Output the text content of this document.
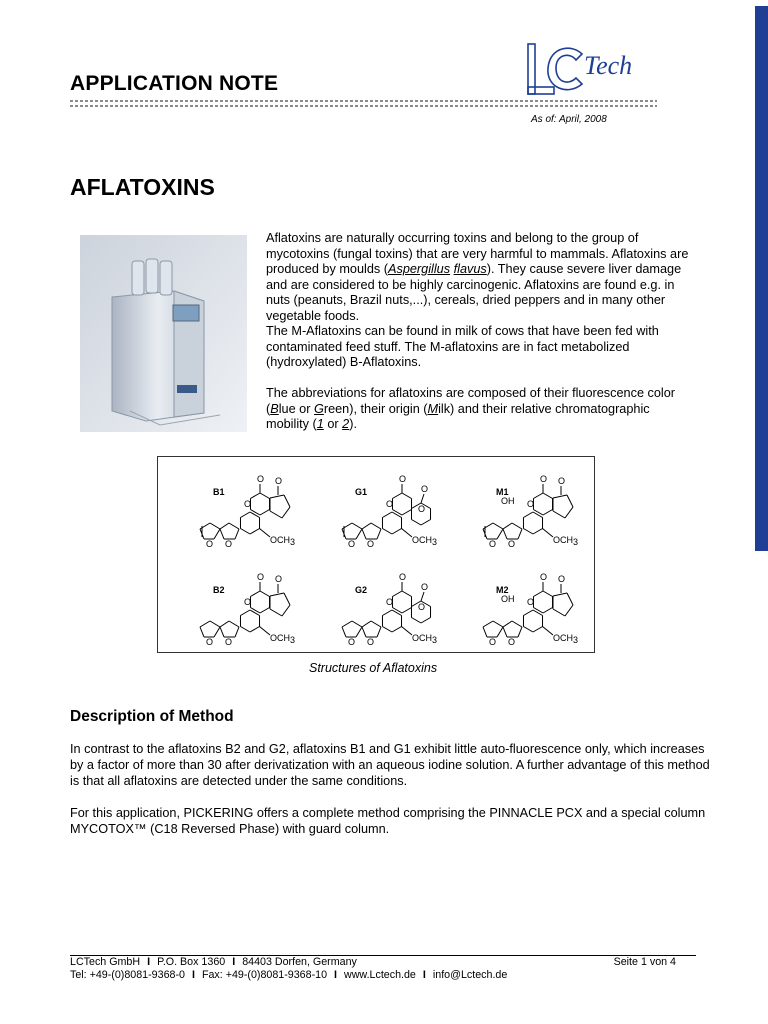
APPLICATION NOTE
As of: April, 2008
Tech
LC
AFLATOXINS

Aflatoxins are naturally occurring toxins and belong to the group of mycotoxins (fungal toxins) that are very harmful to mammals. Aflatoxins are produced by moulds (Aspergillus flavus). They cause severe liver damage and are considered to be highly carcinogenic. Aflatoxins are found e.g. in nuts (peanuts, Brazil nuts,...), cereals, dried peppers and in many other vegetable foods.
The M-Aflatoxins can be found in milk of cows that have been fed with contaminated feed stuff. The M-aflatoxins are in fact metabolized (hydroxylated) B-Aflatoxins.

The abbreviations for aflatoxins are composed of their fluorescence color (Blue or Green), their origin (Milk) and their relative chromatographic mobility (1 or 2).

O
O
O
O O	OCH 3
B1
O
O	O
O
O O	OCH 3
G1
O
O
O
O O	OCH 3
OH
M1
O
O
O
O O	OCH 3
B2
O
O	O
O
O O	OCH 3
G2
O
O
O
O O	OCH 3
OH
M2
Structures of Aflatoxins
Description of Method

In contrast to the aflatoxins B2 and G2, aflatoxins B1 and G1 exhibit little auto-fluorescence only, which increases by a factor of more than 30 after derivatization with an aqueous iodine solution. A further advantage of this method is that all aflatoxins are detected under the same conditions.

For this application, PICKERING offers a complete method comprising the PINNACLE PCX and a special column MYCOTOX™ (C18 Reversed Phase) with guard column.

LCTech GmbH I P.O. Box 1360 I 84403 Dorfen, Germany	Seite 1 von 4
Tel: +49-(0)8081-9368-0 I Fax: +49-(0)8081-9368-10 I www.Lctech.de I info@Lctech.de
